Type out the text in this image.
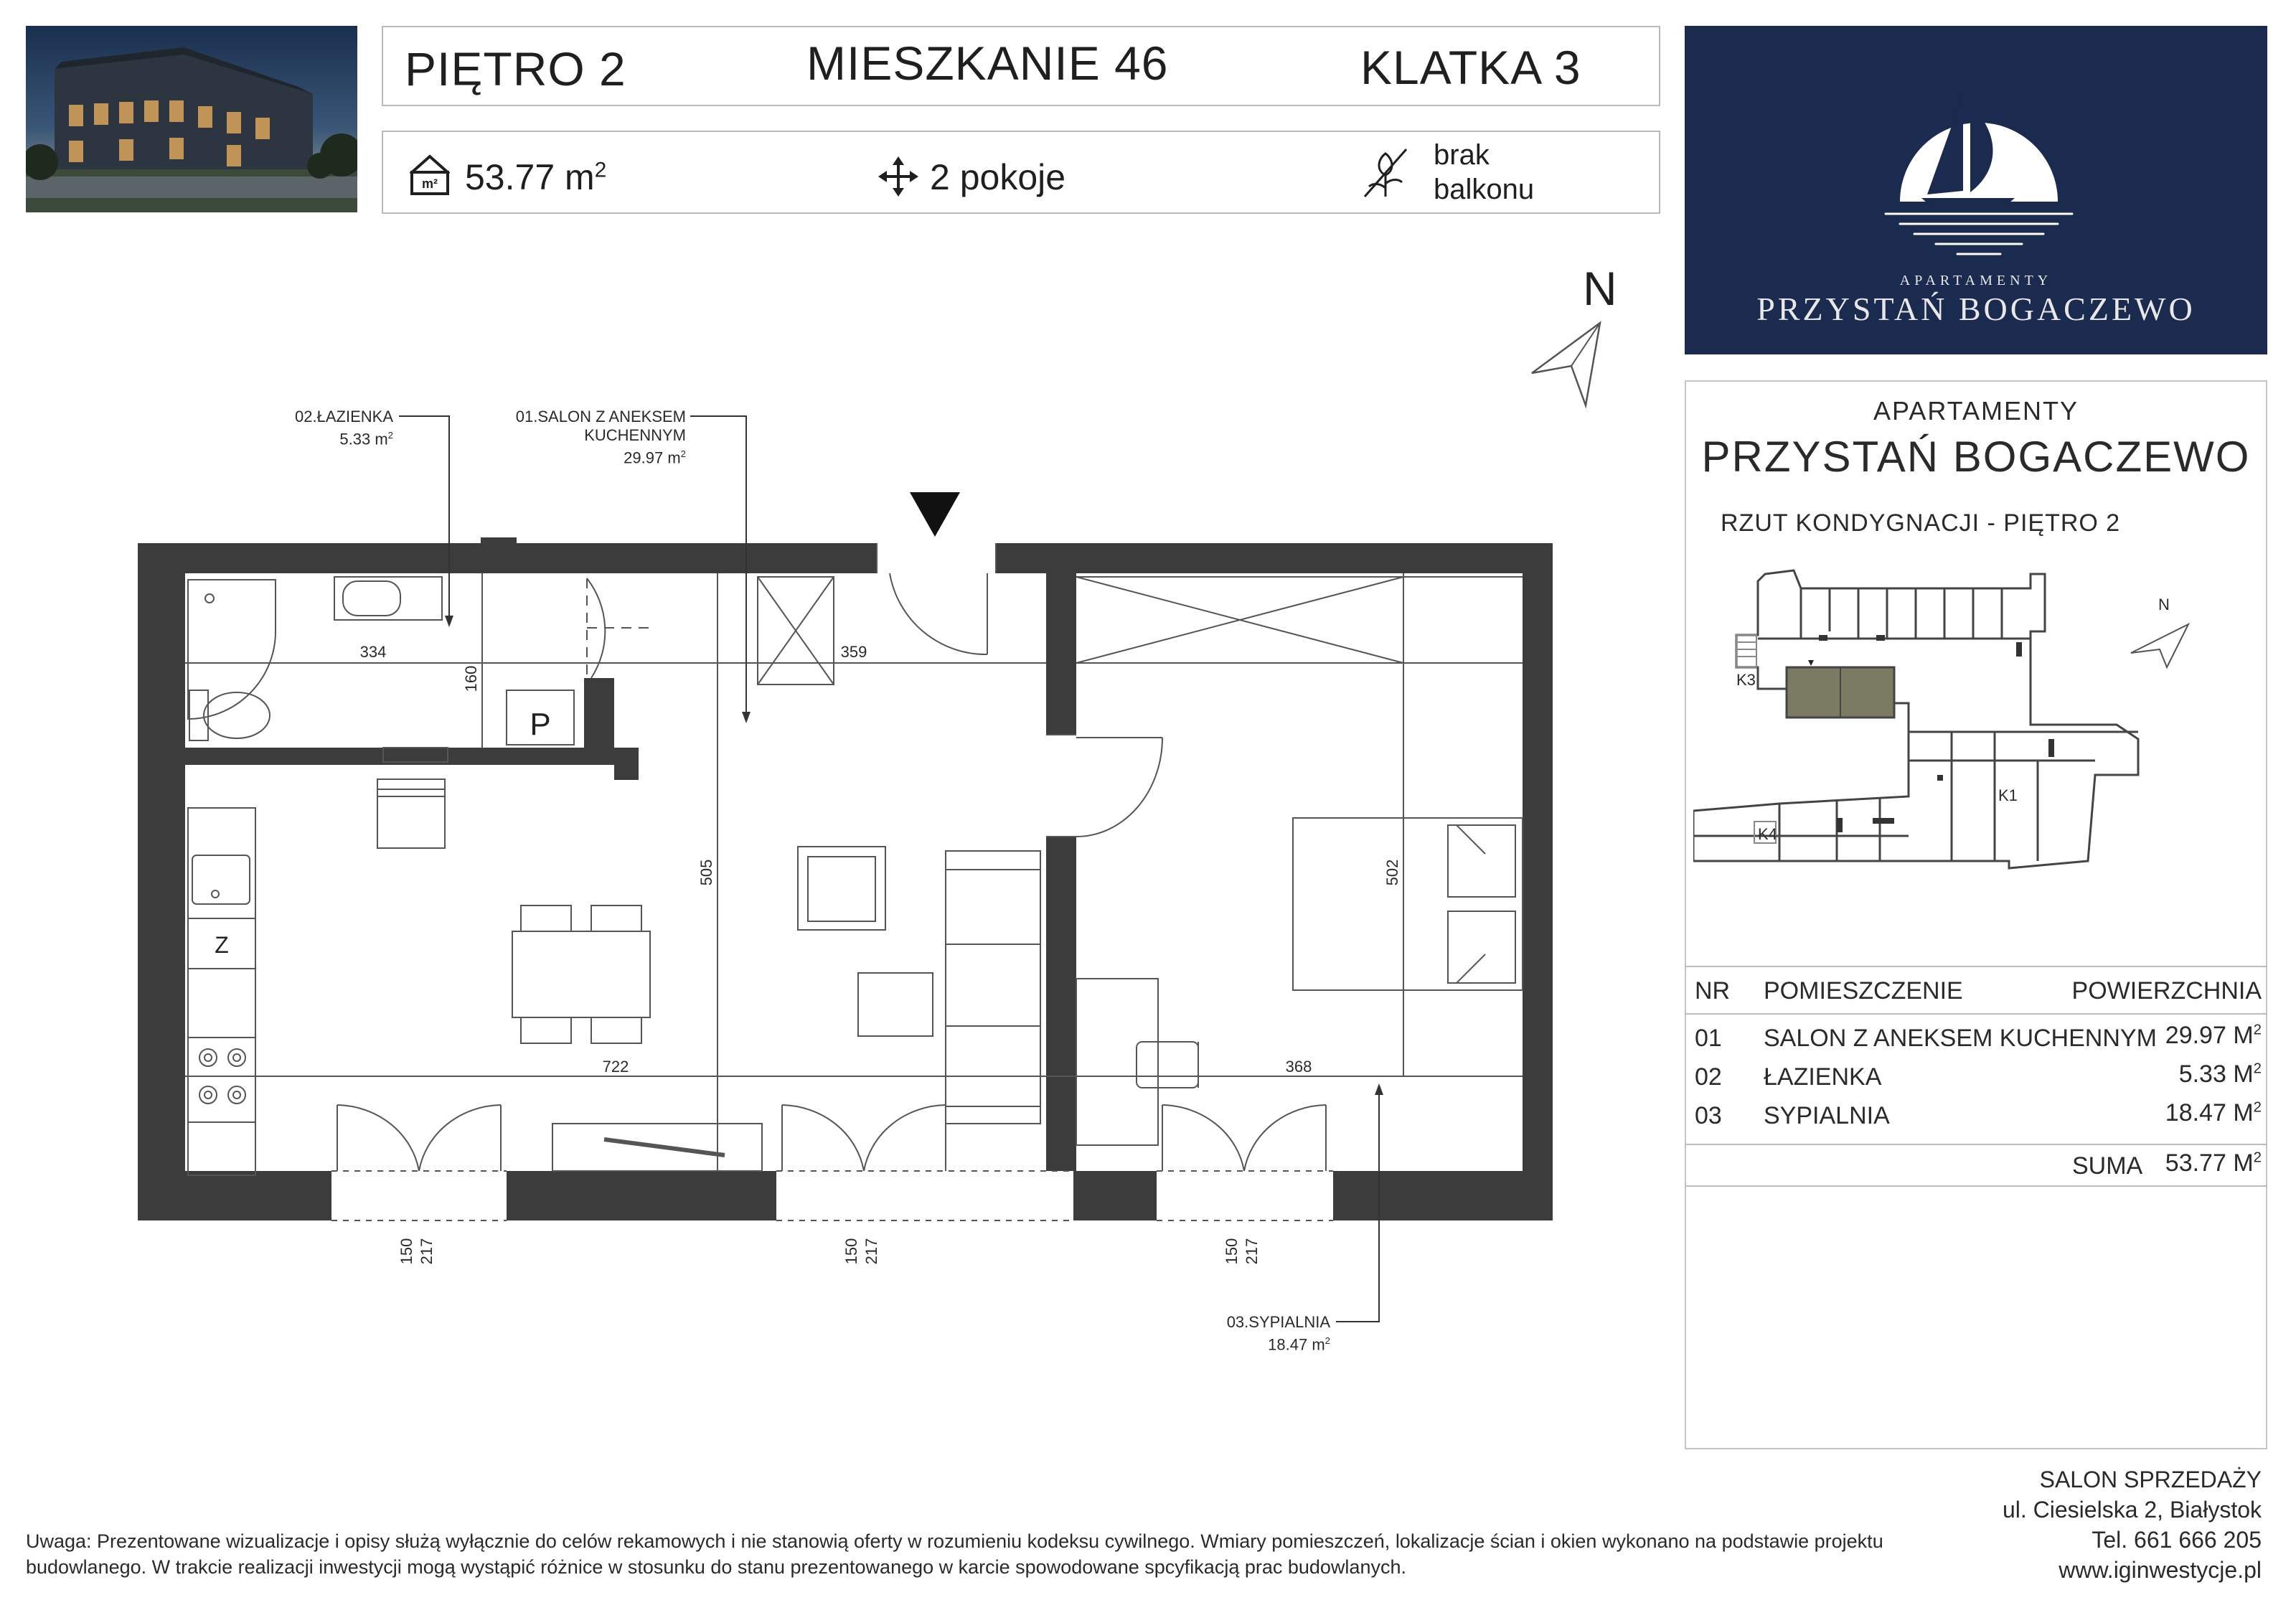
PIĘTRO 2	MIESZKANIE 46	KLATKA 3
m² 53.77 $m^2$	2 pokoje
brak
balkonu
N	APARTAMENTY
PRZYSTAŃ BOGACZEWO
APARTAMENTY
PRZYSTAŃ BOGACZEWO
RZUT KONDYGNACJI - PIĘTRO 2
K3
K1
K4
N
NR POMIESZCZENIE	POWIERZCHNIA
01 SALON Z ANEKSEM KUCHENNYM 29.97 $M^2$
02 ŁAZIENKA	5.33 $M^2$
03 SYPIALNIA	18.47 $M^2$
SUMA 53.77 $M^2$
Z
P
334
160
359
505	502
722	368
150 217	150 217	150 217
02.ŁAZIENKA
5.33 $m^2$
01.SALON Z ANEKSEM
KUCHENNYM
29.97 $m^2$
03.SYPIALNIA
18.47 $m^2$
SALON SPRZEDAŻY
ul. Ciesielska 2, Białystok
Tel. 661 666 205
www.iginwestycje.pl
Uwaga: Prezentowane wizualizacje i opisy służą wyłącznie do celów rekamowych i nie stanowią oferty w rozumieniu kodeksu cywilnego. Wmiary pomieszczeń, lokalizacje ścian i okien wykonano na podstawie projektu budowlanego. W trakcie realizacji inwestycji mogą wystąpić różnice w stosunku do stanu prezentowanego w karcie spowodowane spcyfikacją prac budowlanych.
